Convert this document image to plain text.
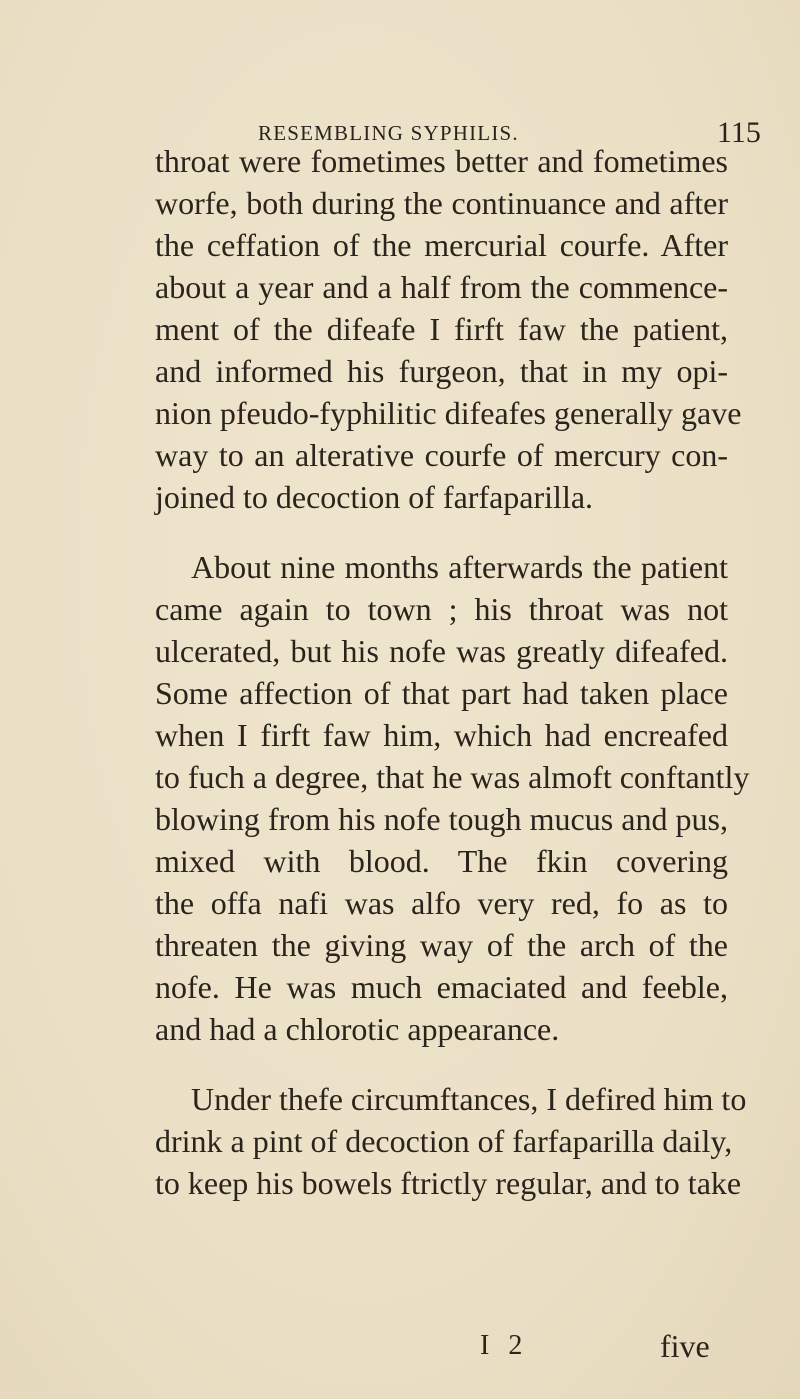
RESEMBLING SYPHILIS.	115
throat were fometimes better and fometimes
worfe, both during the continuance and after
the ceffation of the mercurial courfe. After
about a year and a half from the commence-
ment of the difeafe I firft faw the patient,
and informed his furgeon, that in my opi-
nion pfeudo-fyphilitic difeafes generally gave
way to an alterative courfe of mercury con-
joined to decoction of farfaparilla.
About nine months afterwards the patient
came again to town ; his throat was not
ulcerated, but his nofe was greatly difeafed.
Some affection of that part had taken place
when I firft faw him, which had encreafed
to fuch a degree, that he was almoft conftantly
blowing from his nofe tough mucus and pus,
mixed with blood. The fkin covering
the offa nafi was alfo very red, fo as to
threaten the giving way of the arch of the
nofe. He was much emaciated and feeble,
and had a chlorotic appearance.
Under thefe circumftances, I defired him to
drink a pint of decoction of farfaparilla daily,
to keep his bowels ftrictly regular, and to take
I 2	five
